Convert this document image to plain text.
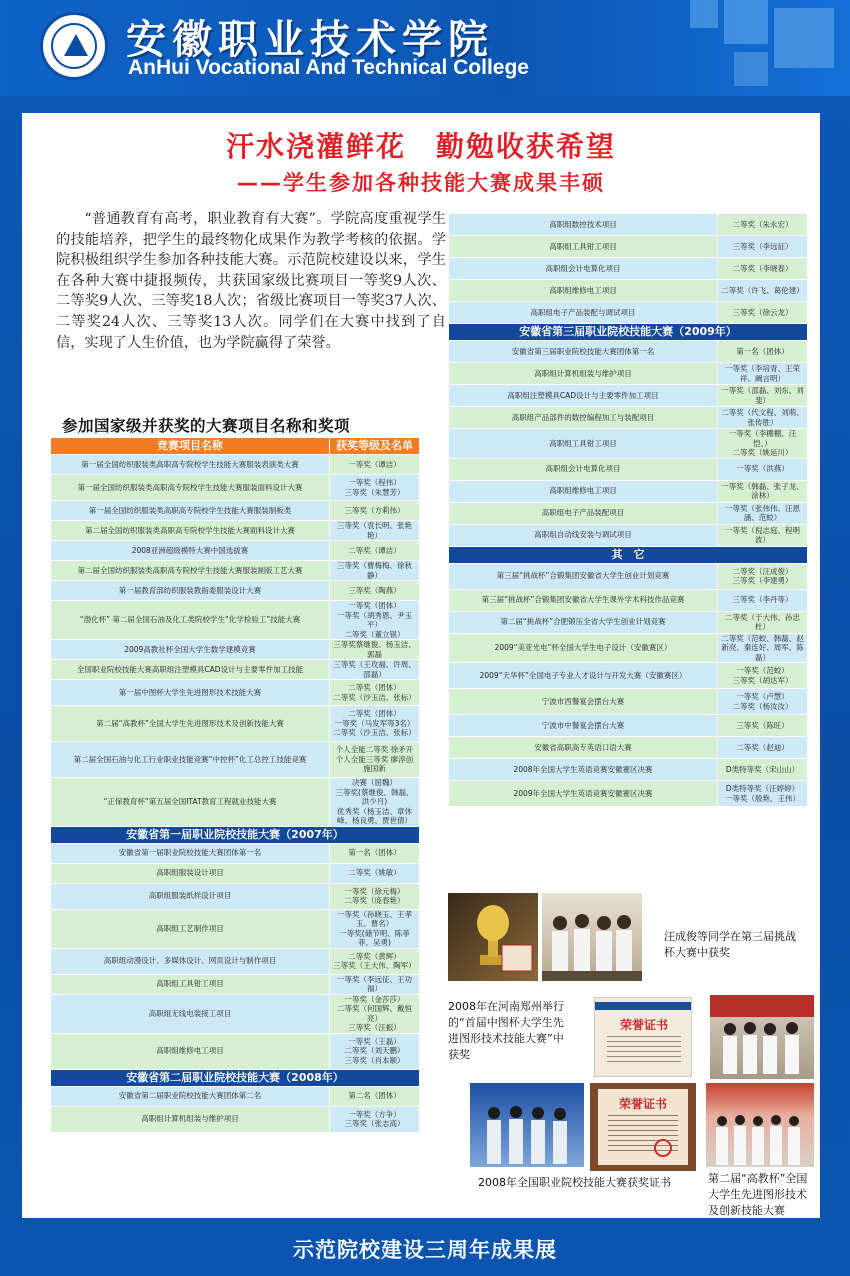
安徽职业技术学院
AnHui Vocational And Technical College
汗水浇灌鲜花　勤勉收获希望
——学生参加各种技能大赛成果丰硕
“普通教育有高考，职业教育有大赛”。学院高度重视学生的技能培养，把学生的最终物化成果作为教学考核的依据。学院积极组织学生参加各种技能大赛。示范院校建设以来，学生在各种大赛中捷报频传，共获国家级比赛项目一等奖9人次、二等奖9人次、三等奖18人次；省级比赛项目一等奖37人次、二等奖24人次、三等奖13人次。同学们在大赛中找到了自信，实现了人生价值，也为学院赢得了荣誉。
参加国家级并获奖的大赛项目名称和奖项
竞赛项目名称	获奖等级及名单
第一届全国纺织服装类高职高专院校学生技能大赛服装表演类大赛	一等奖（谭洁）
第一届全国纺织服装类高职高专院校学生技能大赛服装面料设计大赛	一等奖（程伟）
三等奖（朱慧芳）
第一届全国纺织服装类高职高专院校学生技能大赛服装制板类	三等奖（方莉伟）
第二届全国纺织服装类高职高专院校学生技能大赛面料设计大赛	三等奖（袁长明、张艳艳）
2008亚洲超级模特大赛中国选拔赛	二等奖（谭洁）
第二届全国纺织服装类高职高专院校学生技能大赛服装制版工艺大赛	三等奖（曹梅梅、徐秋静）
第一届教育部纺织服装教指委服装设计大赛	三等奖（陶燕）
“渤化杯” 第二届全国石油及化工类院校学生“化学检验工”技能大赛	一等奖（团体）
一等奖（胡秀恩、尹玉平）
二等奖（董立银）
2009高教社杯全国大学生数学建模竞赛	三等奖蔡继俊、杨玉洁、郭磊
全国职业院校技能大赛高职组注塑模具CAD设计与主要零件加工技能	三等奖（王攻福、许周、邵磊）
第一届中图杯大学生先进图形技术技能大赛	二等奖（团体）
二等奖（沙玉洁、张标）
第二届“高教杯”全国大学生先进图形技术及创新技能大赛	二等奖（团体）
一等奖（马发军等3名）
二等奖（沙玉洁、张标）
第二届全国石油与化工行业职业技能竞赛“中控杯”化工总控工技能竞赛	个人全能二等奖 徐矛开
个人全能三等奖 廖淳创
施国新
“正保教育杯”第五届全国ITAT教育工程就业技能大赛	决赛（屈魏）
三等奖(蔡继俊、韩磊、洪少月)
优秀奖（杨玉洁、章休峰、杨良勇、贾世倩）
安徽省第一届职业院校技能大赛（2007年）	
安徽省第一届职业院校技能大赛团体第一名	第一名（团体）
高职组服装设计项目	二等奖（姚敏）
高职组服装纸样设计项目	一等奖（徐元梅）
二等奖（庞春艳）
高职组工艺制作项目	一等奖（孙晓玉、王孝玉、曹名）
一等奖(储节明、陈菲菲、吴勇)
高职组动漫设计、多媒体设计、网页设计与制作项目	二等奖（黄辉）
三等奖（王大伟、陶军）
高职组工具钳工项目	一等奖（李远征、王功福）
高职组无线电装接工项目	一等奖（金莎莎）
二等奖（何国辉、戴恒亮）
三等奖（汪振）
高职组维修电工项目	一等奖（王磊）
二等奖（刘天鹏）
三等奖（肖本顺）
安徽省第二届职业院校技能大赛（2008年）	
安徽省第二届职业院校技能大赛团体第二名	第二名（团体）
高职组计算机组装与维护项目	一等奖（方争）
三等奖（张志高）
高职组数控技术项目	二等奖（朱永宏）
高职组工具钳工项目	三等奖（李远征）
高职组会计电算化项目	二等奖（李晓春）
高职组维修电工项目	二等奖（许飞、葛伦建）
高职组电子产品装配与调试项目	三等奖（徐云龙）
安徽省第三届职业院校技能大赛（2009年）	
安徽省第三届职业院校技能大赛团体第一名	第一名（团体）
高职组计算机组装与维护项目	一等奖（李培青、王荣祥、阚言明）
高职组注塑模具CAD设计与主要零件加工项目	一等奖（邵磊、刘东、刘斐）
高职组产品部件的数控编程加工与装配项目	二等奖（代文程、刘萌、张传胜）
高职组工具钳工项目	一等奖（李棚棚、汪恺、）
二等奖（姚延川）
高职组会计电算化项目	一等奖（洪燕）
高职组维修电工项目	一等奖（韩磊、张子龙、涂林）
高职组电子产品装配项目	一等奖（张伟伟、汪恩涵、范蛟）
高职组自动线安装与调试项目	一等奖（倪志庭、程明波）
其　它	
第三届“挑战杯”合锻集团安徽省大学生创业计划竞赛	二等奖（汪成俊）
三等奖（李建勇）
第三届“挑战杯”合锻集团安徽省大学生课外学术科技作品竞赛	三等奖（李丹等）
第二届“挑战杯”合肥锻压全省大学生创业计划竞赛	二等奖（于大伟、孙忠杜）
2009“美亚光电”杯全国大学生电子设计（安徽赛区）	二等奖（范蛟、韩磊、赵新亮、秦连好、周军、陈磊）
2009“天华杯”全国电子专业人才设计与开发大赛（安徽赛区）	一等奖（范蛟）
三等奖（胡达军）
宁波市西餐宴会摆台大赛	一等奖（卢慧）
二等奖（杨汝汝）
宁波市中餐宴会摆台大赛	三等奖（陈旺）
安徽省高职高专英语口语大赛	二等奖（赵迪）
2008年全国大学生英语竞赛安徽赛区决赛	D类特等奖（宋山山）
2009年全国大学生英语竞赛安徽赛区决赛	D类特等奖（汪婷婷）
一等奖（殷艳、王伟）
汪成俊等同学在第三届挑战杯大赛中获奖
2008年在河南郑州举行的“首届中图杯大学生先进图形技术技能大赛”中获奖
荣誉证书
荣誉证书
2008年全国职业院校技能大赛获奖证书	第二届“高教杯”全国大学生先进图形技术及创新技能大赛
示范院校建设三周年成果展
